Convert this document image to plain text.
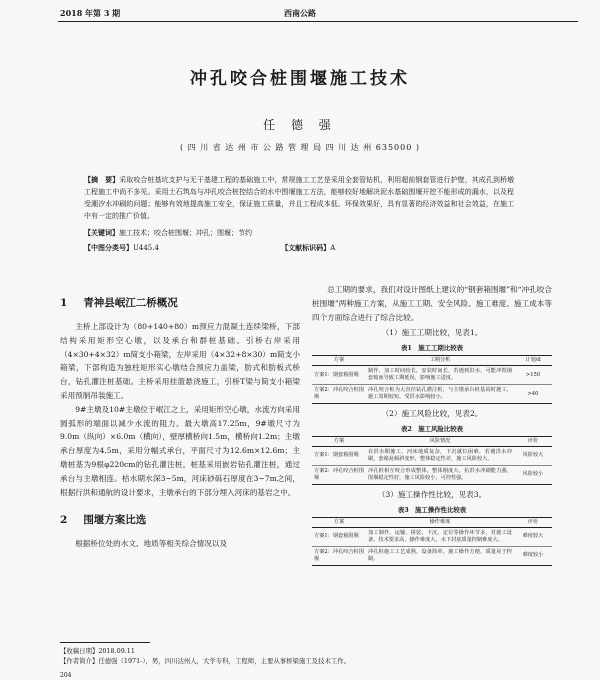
2018 年第 3 期	西南公路
冲孔咬合桩围堰施工技术
任 德 强
( 四 川 省 达 州 市 公 路 管 理 局 四 川 达 州 635000 )
【摘　要】采取咬合桩基坑支护与无干基建工程的基础施工中，常规施工工艺是采用全套管钻机，利用超前钢套管进行护壁，其成孔到桥墩工程施工中尚不多见。采用土石筑岛与冲孔咬合桩控结合的水中围堰施工方法，能够较好地解决泥水基础围堰开挖不能形成的漏水，以及程受潮汐水冲刷的问题；能够有效地提高施工安全，保证施工质量，并且工程成本低、环保效果好，具有显著的经济效益和社会效益，在施工中有一定的推广价值。
【关键词】施工技术；咬合桩围堰；冲孔；围堰；节约
【中图分类号】U445.4	【文献标识码】A
1 青神县岷江二桥概况

主桥上部设计为（80+140+80）m预应力混凝土连续梁桥，下部结构采用矩形空心墩，以及承台和群桩基础。引桥右岸采用（4×30+4×32）m简支小箱梁，左岸采用（4×32+8×30）m简支小箱梁，下部构造为独柱矩形实心墩结合预应力盖梁，肋式和肋板式桥台，钻孔灌注桩基础。主桥采用挂篮悬浇施工，引桥T梁与简支小箱梁采用预制吊装施工。

9#主墩及10#主墩位于岷江之上，采用矩形空心墩，水流方向采用圆弧形的端面以减少水流的阻力。最大墩高17.25m，9#墩尺寸为9.0m（纵向）×6.0m（横向），壁厚横桥向1.5m，横桥向1.2m；主墩承台厚度为4.5m，采用分幅式承台，平面尺寸为12.6m×12.6m；主墩桩基为9根φ220cm的钻孔灌注桩，桩基采用嵌岩钻孔灌注桩，通过承台与主墩相连。枯水期水深3~5m，河床砂砾石厚度在3~7m之间，根据行洪和通航的设计要求，主墩承台的下部分埋入河床的基岩之中。

2 围堰方案比选

根据桥位处的水文、地质等相关综合情况以及

总工期的要求，我们对设计图纸上建议的“钢套箱围堰”和“冲孔咬合桩围堰”两种施工方案，从施工工期、安全风险、施工难度、施工成本等四个方面综合进行了综合比较。

（1）施工工期比较，见表1。
表1　施工工期比较表
方案	工期分析	计划/d
方案1：钢套箱围堰	制作、加工时间较长，安装时间长，若遇到洪水，可能冲毁钢套箱而导致工期延误，影响施工进度。	>150
方案2：冲孔咬合桩围堰	冲孔咬合桩为大直径钻孔灌注桩，与主墩承台桩基同时施工，施工周期较短，受洪水影响较小。	>40
（2）施工风险比较，见表2。
表2　施工风险比较表
方案	风险情况	评价
方案1：钢套箱围堰	在洪水期施工，河床地质复杂，下沉就位困难，若遇洪水冲刷，套箱易倾斜变形，整体稳定性差，施工风险较大。	风险较大
方案2：冲孔咬合桩围堰	冲孔桩相互咬合形成整体，整体刚度大，抗洪水冲刷能力强，围堰稳定性好，施工风险较小，可控性强。	风险较小
（3）施工操作性比较，见表3。
表3　施工操作性比较表
方案	操作难度	评价
方案1：钢套箱围堰	加工制作、运输、拼装、下沉、定位等操作环节多，对施工设备、技术要求高，操作难度大，水下封底质量控制难度大。	难度较大
方案2：冲孔咬合桩围堰	冲孔桩施工工艺成熟，设备简单，施工操作方便，质量易于控制。	难度较小
【收稿日期】2018.09.11
【作者简介】任德强（1971-），男，四川达州人，大学专科，工程师，主要从事桥梁施工及技术工作。
204
